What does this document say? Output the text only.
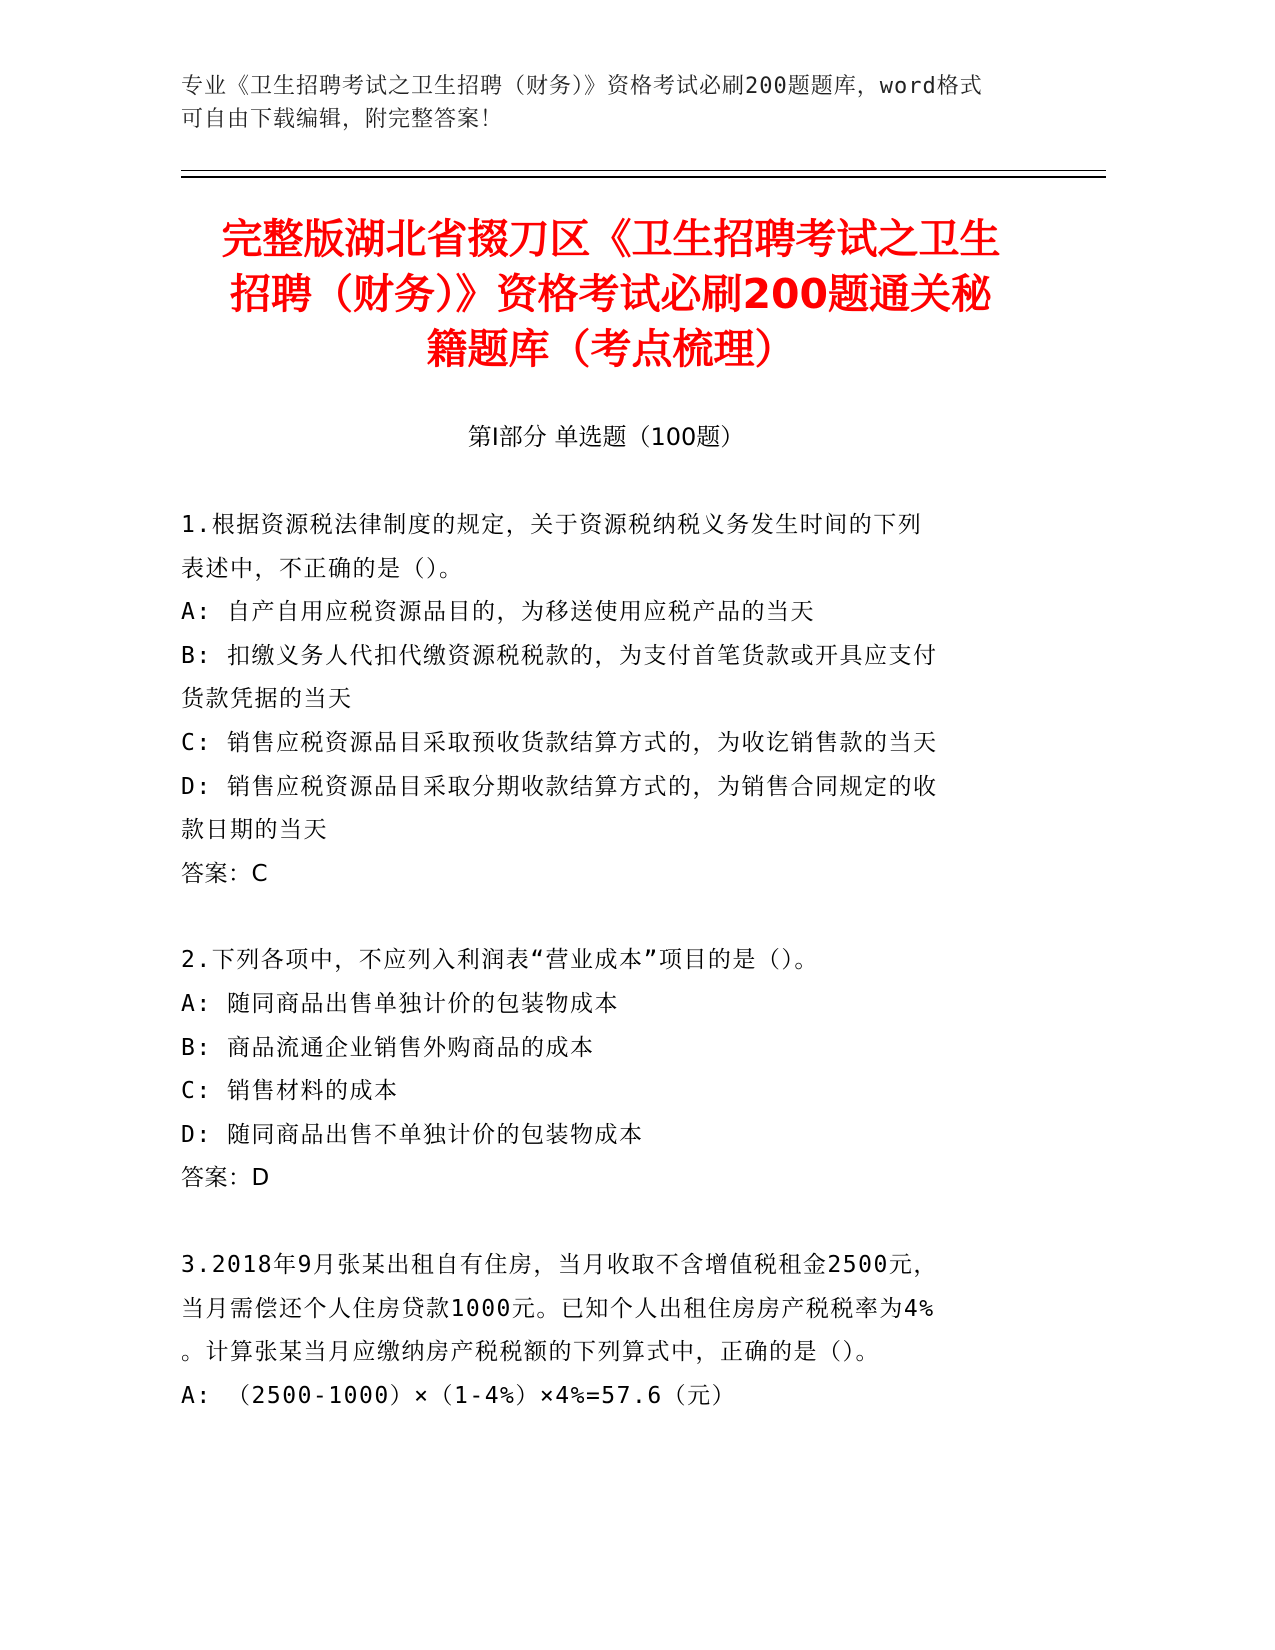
专业《卫生招聘考试之卫生招聘（财务）》资格考试必刷200题题库，word格式
可自由下载编辑，附完整答案！
完整版湖北省掇刀区《卫生招聘考试之卫生
招聘（财务）》资格考试必刷200题通关秘
籍题库（考点梳理）
第Ⅰ部分 单选题（100题）
1.根据资源税法律制度的规定，关于资源税纳税义务发生时间的下列
表述中，不正确的是（）。
A: 自产自用应税资源品目的，为移送使用应税产品的当天
B: 扣缴义务人代扣代缴资源税税款的，为支付首笔货款或开具应支付
货款凭据的当天
C: 销售应税资源品目采取预收货款结算方式的，为收讫销售款的当天
D: 销售应税资源品目采取分期收款结算方式的，为销售合同规定的收
款日期的当天
答案：C
2.下列各项中，不应列入利润表“营业成本”项目的是（）。
A: 随同商品出售单独计价的包装物成本
B: 商品流通企业销售外购商品的成本
C: 销售材料的成本
D: 随同商品出售不单独计价的包装物成本
答案：D
3.2018年9月张某出租自有住房，当月收取不含增值税租金2500元，
当月需偿还个人住房贷款1000元。已知个人出租住房房产税税率为4%
。计算张某当月应缴纳房产税税额的下列算式中，正确的是（）。
A: （2500-1000）×（1-4%）×4%=57.6（元）
